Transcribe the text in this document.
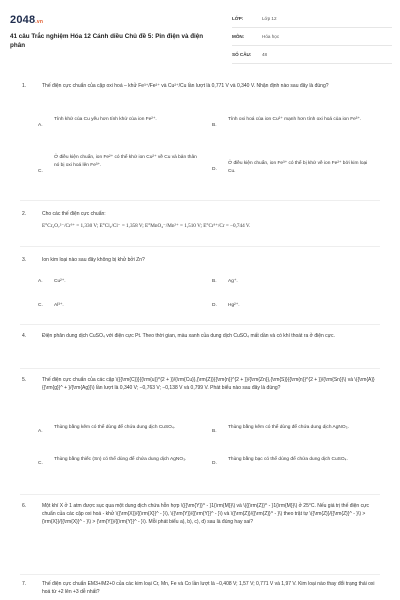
2048.vn
41 câu Trắc nghiệm Hóa 12 Cánh diều Chủ đề 5: Pin điện và điện phân
LỚP:	Lớp 12
MÔN:	Hóa học
SỐ CÂU:	48
1.	Thế điện cực chuẩn của cặp oxi hoá – khử Fe³⁺/Fe²⁺ và Cu²⁺/Cu lần lượt là 0,771 V và 0,340 V. Nhận định nào sau đây là đúng?
A.
Tính khử của Cu yếu hơn tính khử của ion Fe²⁺.
B.
Tính oxi hoá của ion Cu²⁺ mạnh hơn tính oxi hoá của ion Fe³⁺.
C.
Ở điều kiện chuẩn, ion Fe²⁺ có thể khử ion Cu²⁺ về Cu và bản thân nó bị oxi hoá lên Fe³⁺.
D.
Ở điều kiện chuẩn, ion Fe³⁺ có thể bị khử về ion Fe²⁺ bởi kim loại Cu.
2.	Cho các thế điện cực chuẩn:
E°Cr₂O₇²⁻/Cr³⁺ = 1,330 V; E°Cl₂/Cl⁻ = 1,358 V; E°MnO₄⁻/Mn²⁺ = 1,510 V; E°Cr³⁺/Cr = −0,744 V.
3.	Ion kim loại nào sau đây không bị khử bởi Zn?
A. Cu²⁺.	B. Ag⁺.
C. Al³⁺.	D. Hg²⁺.
4.	Điện phân dung dịch CuSO₄ với điện cực Pt. Theo thời gian, màu xanh của dung dịch CuSO₄ mất dần và có khí thoát ra ở điện cực.
5.	Thế điện cực chuẩn của các cặp \({{\rm{C}}}{{\rm{u}}^{2 + }}/{\rm{Cu}},{\rm{Z}}{{\rm{n}}^{2 + }}/{\rm{Zn}},{\rm{S}}{{\rm{n}}^{2 + }}/{\rm{Sn}}\) và \({\rm{A}}{{\rm{g}}^ + }/{\rm{Ag}}\) lần lượt là 0,340 V; −0,763 V; −0,138 V và 0,799 V. Phát biểu nào sau đây là đúng?
A.
Thùng bằng kẽm có thể dùng để chứa dung dịch CuSO₄.
B.
Thùng bằng kẽm có thể dùng để chứa dung dịch AgNO₃.
C.
Thùng bằng thiếc (Sn) có thể dùng để chứa dung dịch AgNO₃.
D.
Thùng bằng bạc có thể dùng để chứa dung dịch CuSO₄.
6.	Một khí X ở 1 atm được sục qua một dung dịch chứa hỗn hợp \({{\rm{Y}}^ - }1{\rm{M}}\) và \({{\rm{Z}}^ - }1{\rm{M}}\) ở 25°C. Nếu giá trị thế điện cực chuẩn của các cặp oxi hoá - khử \({\rm{X}}/{{\rm{X}}^ - }\), \({\rm{Y}}/{{\rm{Y}}^ - }\) và \({\rm{Z}}/{{\rm{Z}}^ - }\) theo trật tự \({\rm{Z}}/{{\rm{Z}}^ - }\) > {\rm{X}}/{{\rm{X}}^ - }\) > {\rm{Y}}/{{\rm{Y}}^ - }\). Mỗi phát biểu a), b), c), d) sau là đúng hay sai?
7.	Thế điện cực chuẩn EM3+/M2+0 của các kim loại Cr, Mn, Fe và Co lần lượt là −0,408 V; 1,57 V; 0,771 V và 1,97 V. Kim loại nào thay đổi trạng thái oxi hoá từ +2 lên +3 dễ nhất?
